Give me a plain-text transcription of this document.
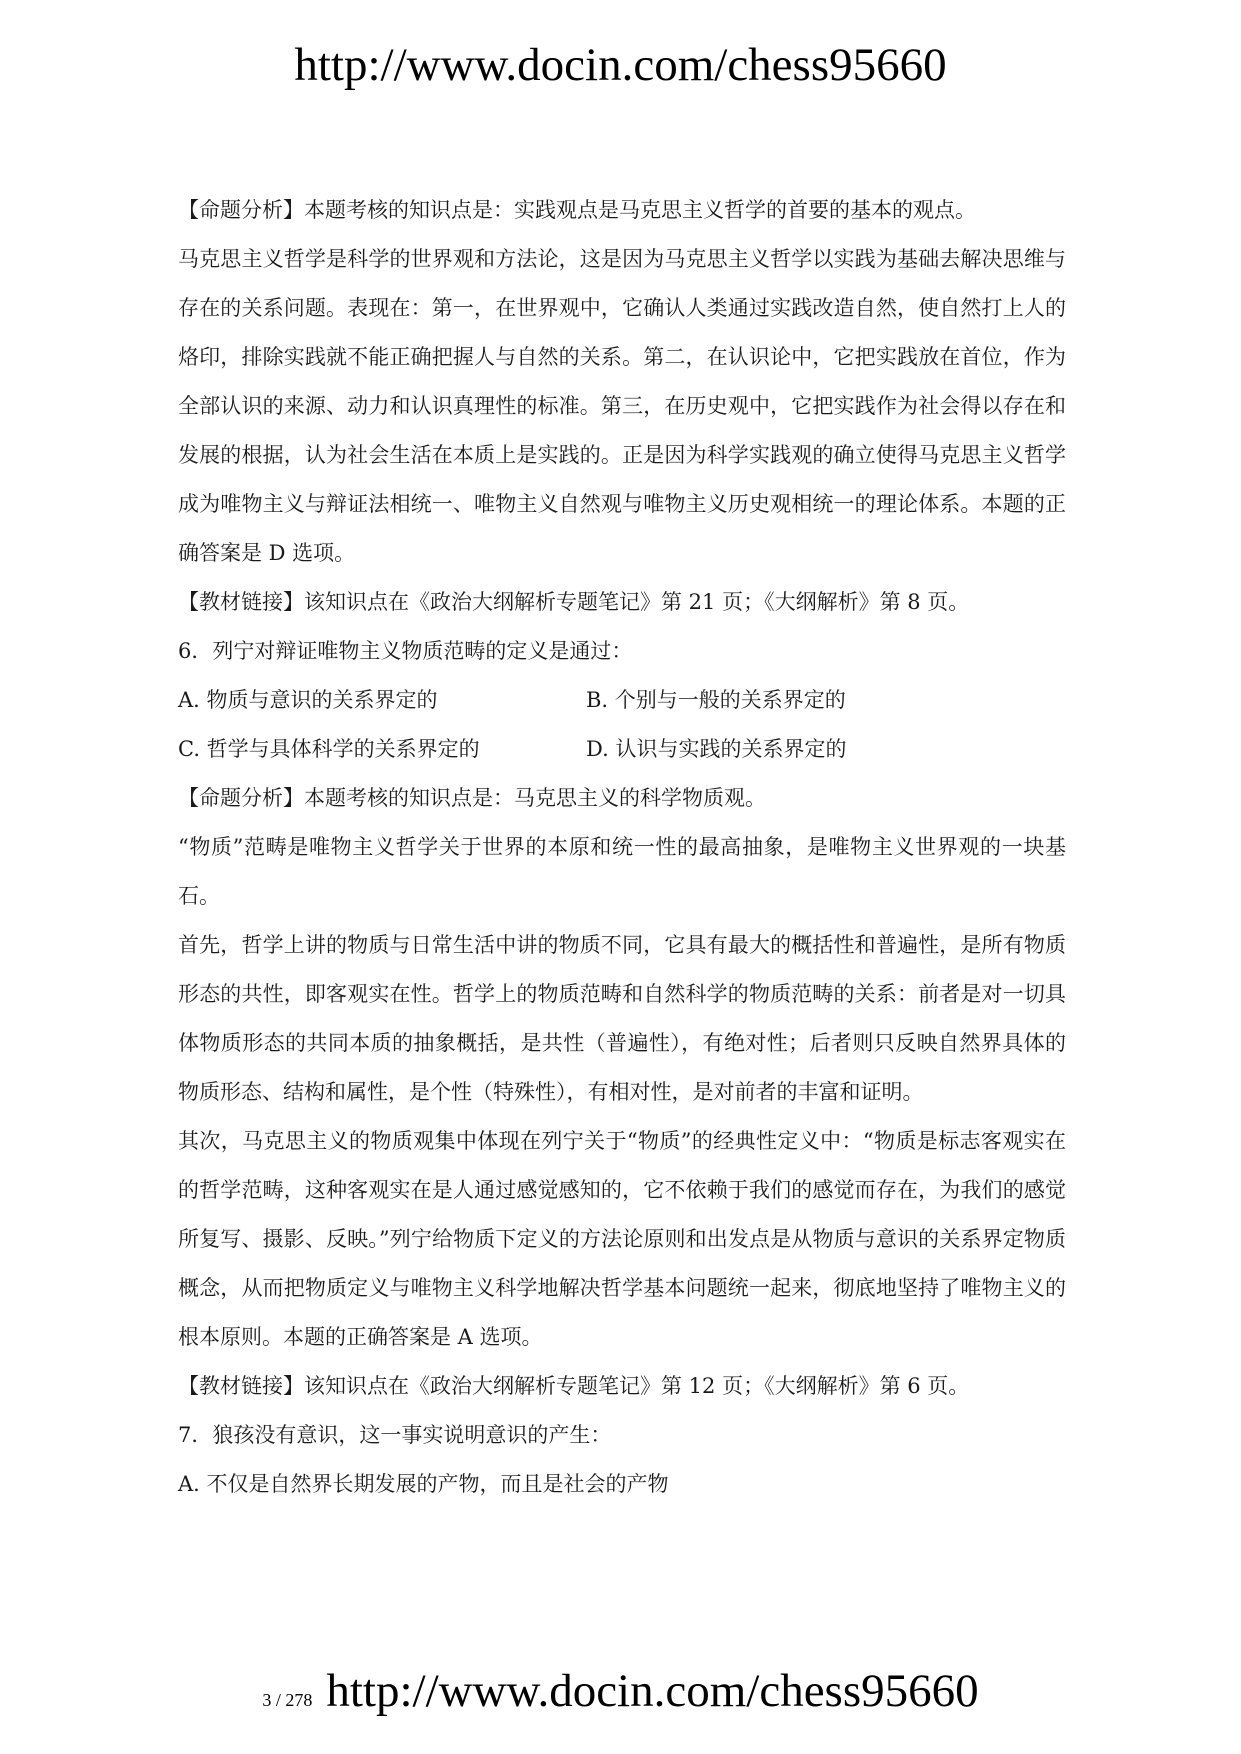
http://www.docin.com/chess95660

【命题分析】本题考核的知识点是：实践观点是马克思主义哲学的首要的基本的观点。

马克思主义哲学是科学的世界观和方法论，这是因为马克思主义哲学以实践为基础去解决思维与存在的关系问题。表现在：第一，在世界观中，它确认人类通过实践改造自然，使自然打上人的烙印，排除实践就不能正确把握人与自然的关系。第二，在认识论中，它把实践放在首位，作为全部认识的来源、动力和认识真理性的标准。第三，在历史观中，它把实践作为社会得以存在和发展的根据，认为社会生活在本质上是实践的。正是因为科学实践观的确立使得马克思主义哲学成为唯物主义与辩证法相统一、唯物主义自然观与唯物主义历史观相统一的理论体系。本题的正确答案是 D 选项。

【教材链接】该知识点在《政治大纲解析专题笔记》第 21 页；《大纲解析》第 8 页。

6．列宁对辩证唯物主义物质范畴的定义是通过：

A. 物质与意识的关系界定的	B. 个别与一般的关系界定的
C. 哲学与具体科学的关系界定的	D. 认识与实践的关系界定的

【命题分析】本题考核的知识点是：马克思主义的科学物质观。

“物质”范畴是唯物主义哲学关于世界的本原和统一性的最高抽象，是唯物主义世界观的一块基石。

首先，哲学上讲的物质与日常生活中讲的物质不同，它具有最大的概括性和普遍性，是所有物质形态的共性，即客观实在性。哲学上的物质范畴和自然科学的物质范畴的关系：前者是对一切具体物质形态的共同本质的抽象概括，是共性（普遍性），有绝对性；后者则只反映自然界具体的物质形态、结构和属性，是个性（特殊性），有相对性，是对前者的丰富和证明。

其次，马克思主义的物质观集中体现在列宁关于“物质”的经典性定义中：“物质是标志客观实在的哲学范畴，这种客观实在是人通过感觉感知的，它不依赖于我们的感觉而存在，为我们的感觉所复写、摄影、反映。”列宁给物质下定义的方法论原则和出发点是从物质与意识的关系界定物质概念，从而把物质定义与唯物主义科学地解决哲学基本问题统一起来，彻底地坚持了唯物主义的根本原则。本题的正确答案是 A 选项。

【教材链接】该知识点在《政治大纲解析专题笔记》第 12 页；《大纲解析》第 6 页。

7．狼孩没有意识，这一事实说明意识的产生：

A. 不仅是自然界长期发展的产物，而且是社会的产物

3 / 278 http://www.docin.com/chess95660
